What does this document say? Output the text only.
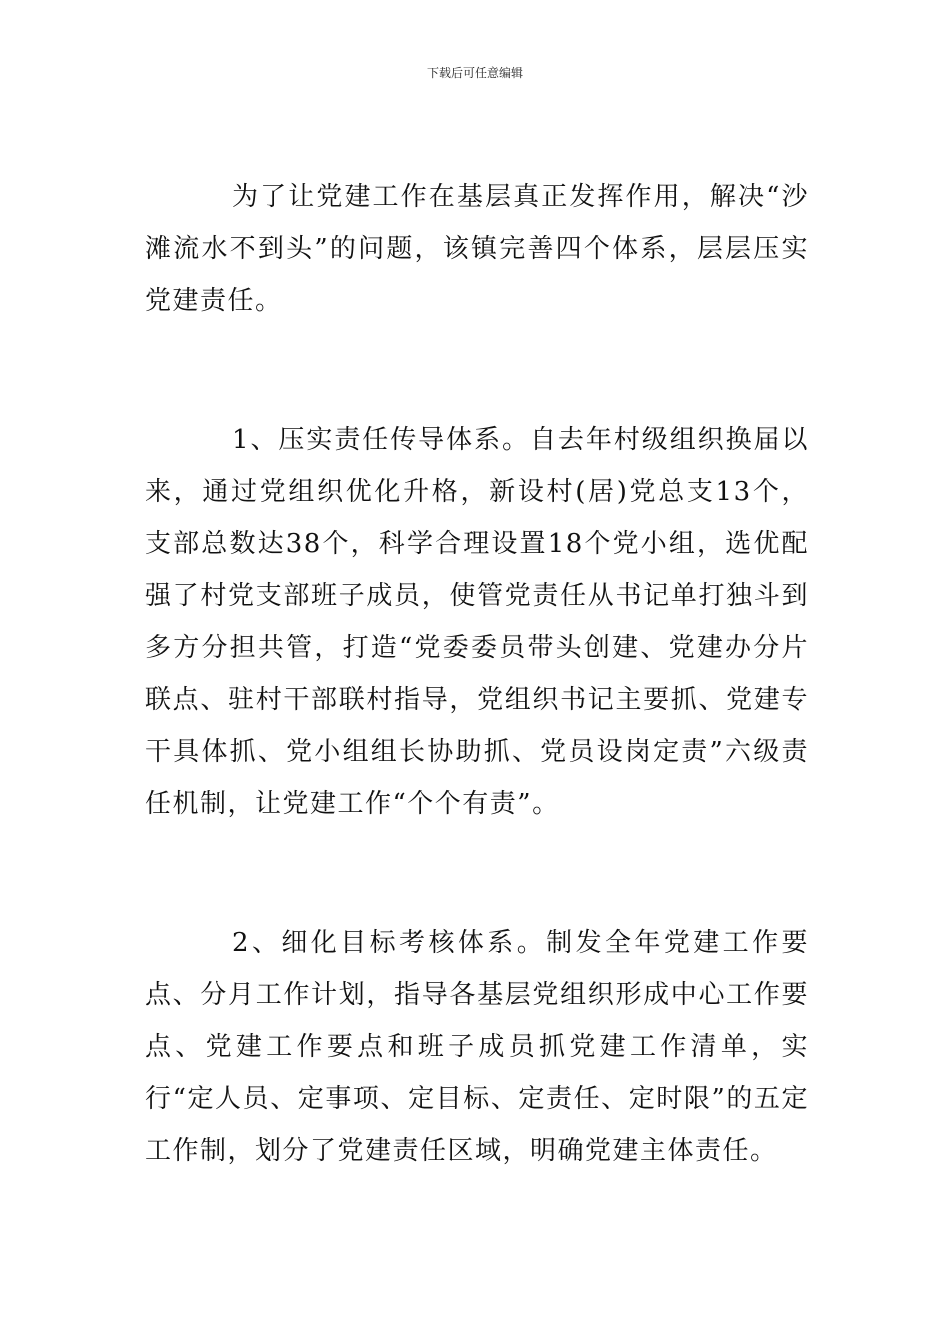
下载后可任意编辑

为了让党建工作在基层真正发挥作用，解决“沙滩流水不到头”的问题，该镇完善四个体系，层层压实党建责任。

1、压实责任传导体系。自去年村级组织换届以来，通过党组织优化升格，新设村(居)党总支13个，支部总数达38个，科学合理设置18个党小组，选优配强了村党支部班子成员，使管党责任从书记单打独斗到多方分担共管，打造“党委委员带头创建、党建办分片联点、驻村干部联村指导，党组织书记主要抓、党建专干具体抓、党小组组长协助抓、党员设岗定责”六级责任机制，让党建工作“个个有责”。

2、细化目标考核体系。制发全年党建工作要点、分月工作计划，指导各基层党组织形成中心工作要点、党建工作要点和班子成员抓党建工作清单，实行“定人员、定事项、定目标、定责任、定时限”的五定工作制，划分了党建责任区域，明确党建主体责任。
